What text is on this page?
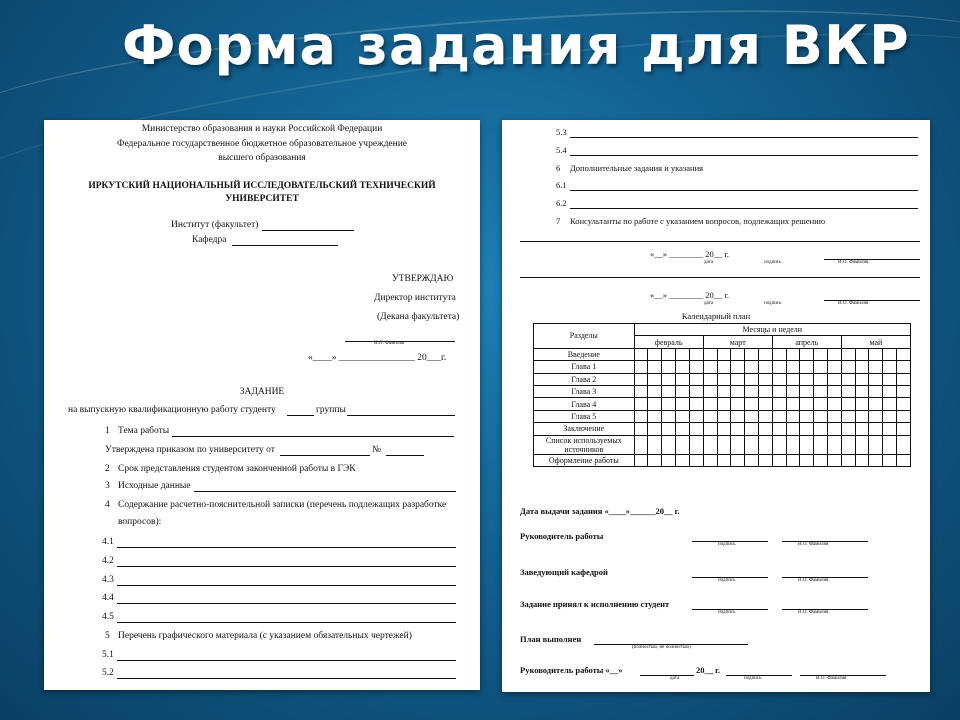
Форма задания для ВКР
Министерство образования и науки Российской Федерации
Федеральное государственное бюджетное образовательное учреждение
высшего образования
ИРКУТСКИЙ НАЦИОНАЛЬНЫЙ ИССЛЕДОВАТЕЛЬСКИЙ ТЕХНИЧЕСКИЙ
УНИВЕРСИТЕТ
Институт (факультет)
Кафедра
УТВЕРЖДАЮ
Директор института
(Декана факультета)
И.О. Фамилия
«____» ________________ 20___г.
ЗАДАНИЕ
на выпускную квалификационную работу студенту	группы
1 Тема работы
Утверждена приказом по университету от	№
2 Срок представления студентом законченной работы в ГЭК
3 Исходные данные
4 Содержание расчетно-пояснительной записки (перечень подлежащих разработке
вопросов):
4.1
4.2
4.3
4.4
4.5
5 Перечень графического материала (с указанием обязательных чертежей)
5.1
5.2
5.3
5.4
6 Дополнительные задания и указания
6.1
6.2
7 Консультанты по работе с указанием вопросов, подлежащих решению
«__» ________ 20__ г.
дата	подпись	И.О. Фамилия
«__» ________ 20__ г.
дата	подпись	И.О. Фамилия
Календарный план
Разделы	Месяцы и недели																			
	февраль					март					апрель					май				
Введение																				
Глава 1																				
Глава 2																				
Глава 3																				
Глава 4																				
Глава 5																				
Заключение																				
Список используемых источников																				
Оформление работы																				
Дата выдачи задания «____»______20__ г.
Руководитель работы
подпись	И.О. Фамилия
Заведующий кафедрой
подпись	И.О. Фамилия
Задание принял к исполнению студент
подпись	И.О. Фамилия
План выполнен
(полностью, не полностью)
Руководитель работы «__»	20__ г.
дата	подпись	И.О. Фамилия
